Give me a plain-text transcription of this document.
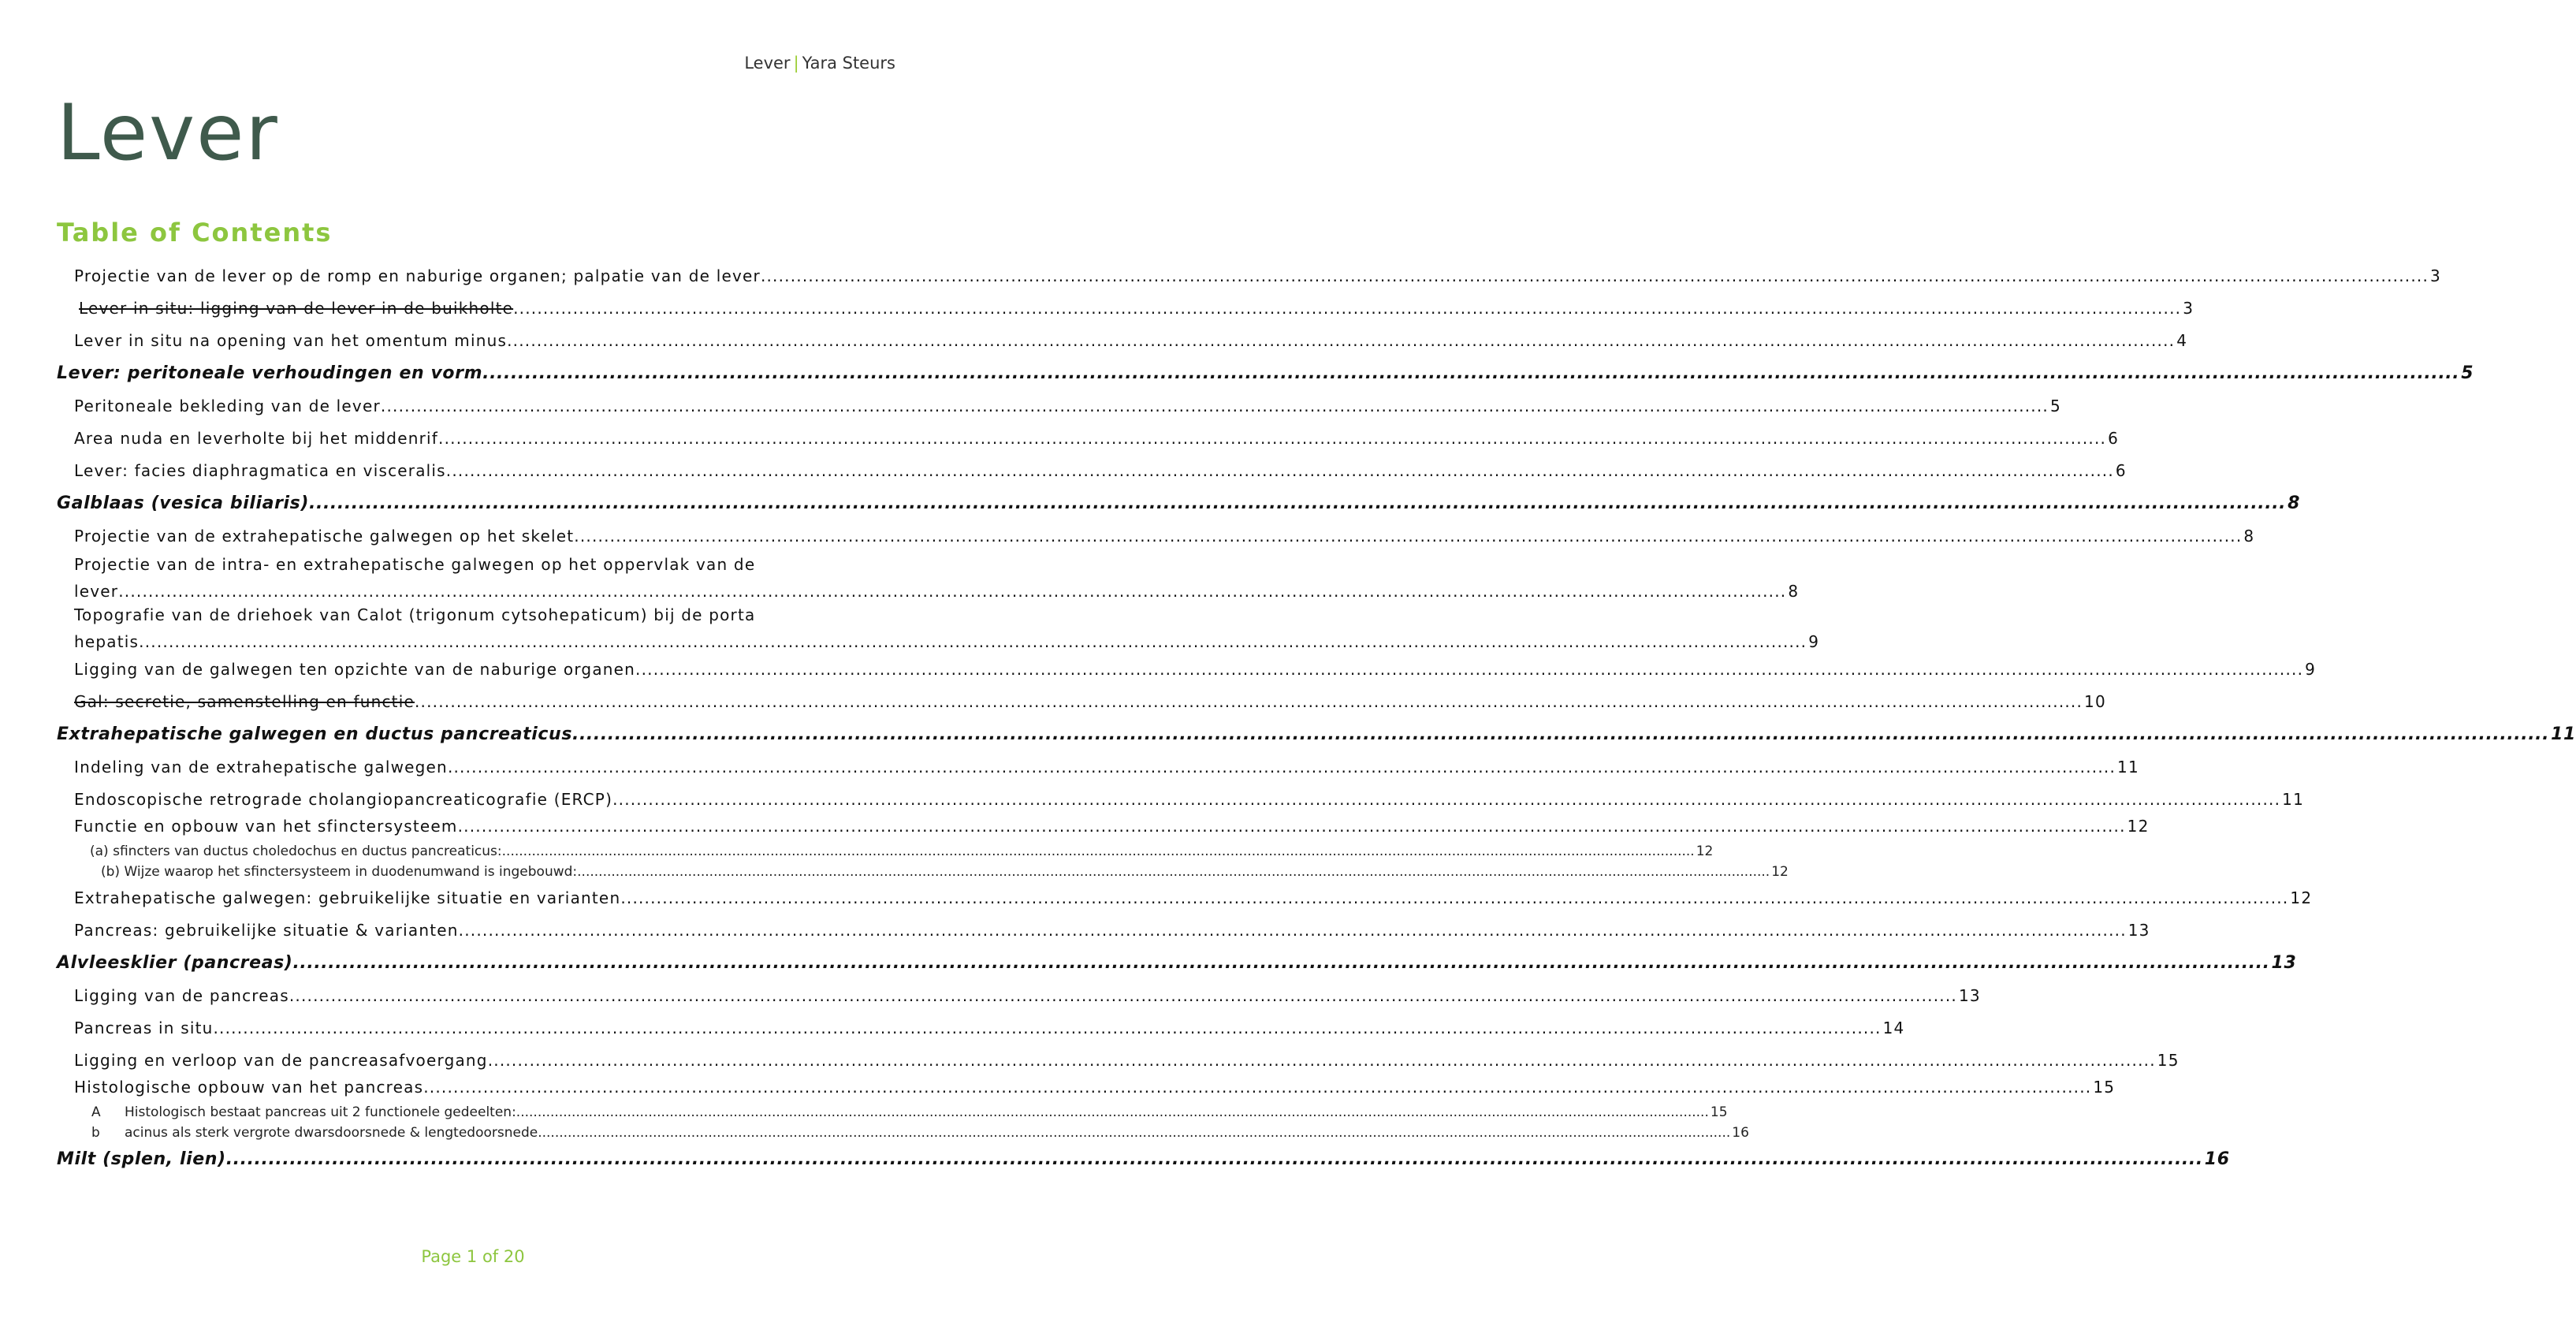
Lever | Yara Steurs
Lever
Table of Contents
Projectie van de lever op de romp en naburige organen; palpatie van de lever .....	3
Lever in situ: ligging van de lever in de buikholte .....	3
Lever in situ na opening van het omentum minus .....	4
Lever: peritoneale verhoudingen en vorm .....	5
Peritoneale bekleding van de lever .....	5
Area nuda en leverholte bij het middenrif .....	6
Lever: facies diaphragmatica en visceralis .....	6
Galblaas (vesica biliaris) .....	8
Projectie van de extrahepatische galwegen op het skelet .....	8
Projectie van de intra- en extrahepatische galwegen op het oppervlak van de
lever .....	8
Topografie van de driehoek van Calot (trigonum cytsohepaticum) bij de porta
hepatis .....	9
Ligging van de galwegen ten opzichte van de naburige organen .....	9
Gal: secretie, samenstelling en functie .....	10
Extrahepatische galwegen en ductus pancreaticus .....	11
Indeling van de extrahepatische galwegen .....	11
Endoscopische retrograde cholangiopancreaticografie (ERCP) .....	11
Functie en opbouw van het sfinctersysteem .....	12
(a) sfincters van ductus choledochus en ductus pancreaticus: .....	12
(b) Wijze waarop het sfinctersysteem in duodenumwand is ingebouwd: .....	12
Extrahepatische galwegen: gebruikelijke situatie en varianten .....	12
Pancreas: gebruikelijke situatie & varianten .....	13
Alvleesklier (pancreas) .....	13
Ligging van de pancreas .....	13
Pancreas in situ .....	14
Ligging en verloop van de pancreasafvoergang .....	15
Histologische opbouw van het pancreas .....	15
A Histologisch bestaat pancreas uit 2 functionele gedeelten: .....	15
b acinus als sterk vergrote dwarsdoorsnede & lengtedoorsnede .....	16
Milt (splen, lien) .....	16
Page 1 of 20
